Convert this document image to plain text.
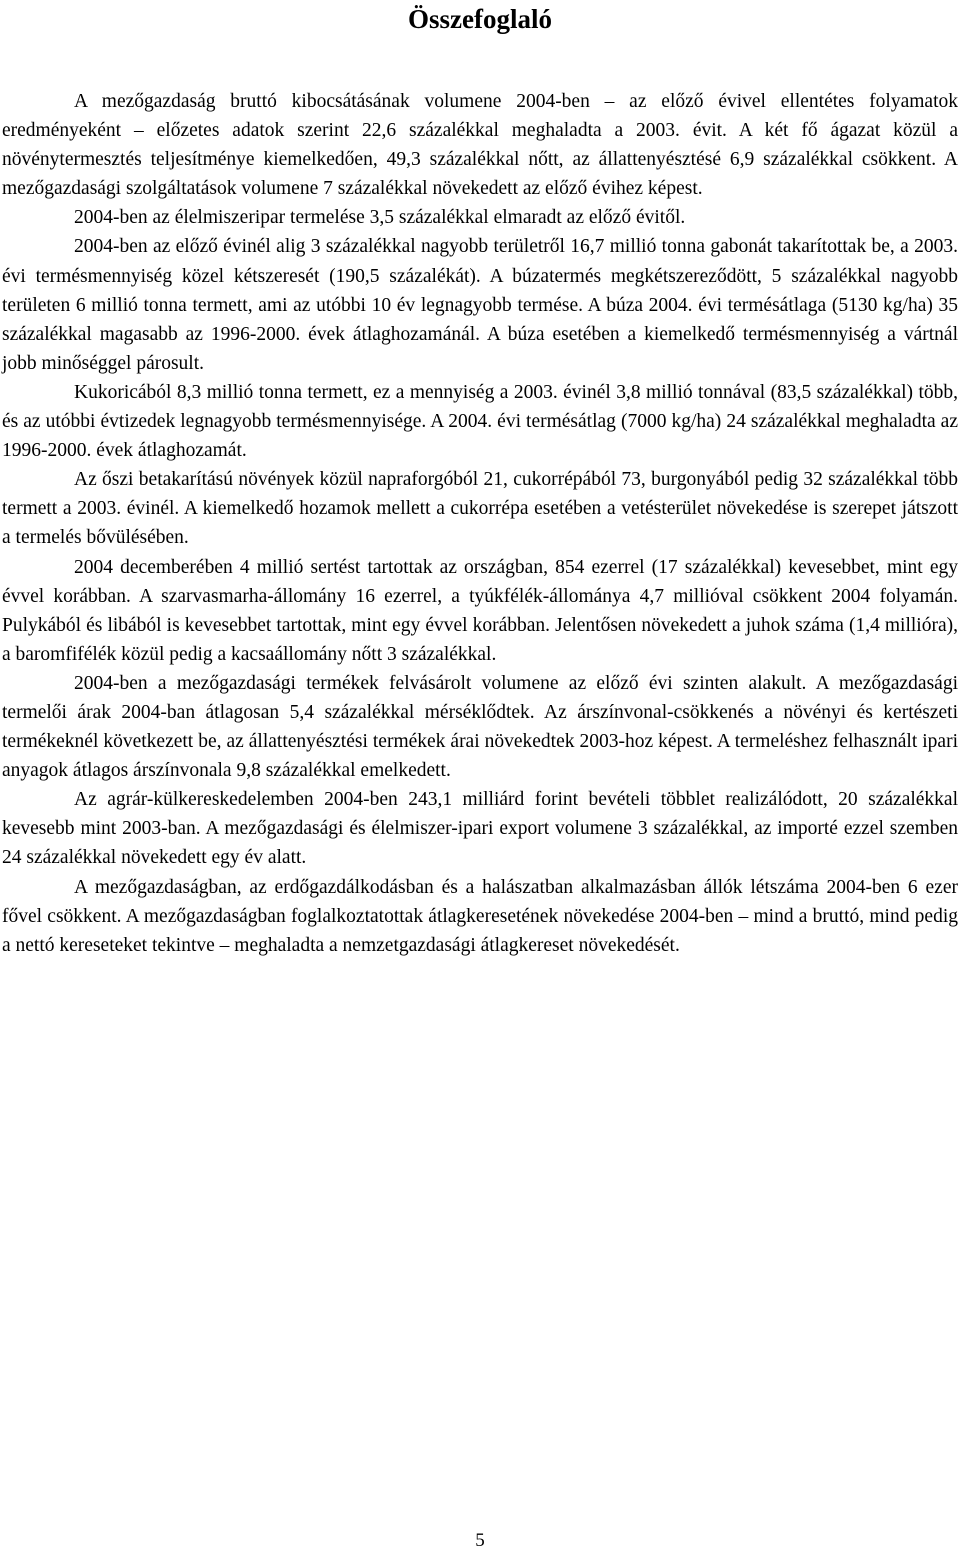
Összefoglaló

A mezőgazdaság bruttó kibocsátásának volumene 2004-ben – az előző évivel ellentétes folyamatok eredményeként – előzetes adatok szerint 22,6 százalékkal meghaladta a 2003. évit. A két fő ágazat közül a növénytermesztés teljesítménye kiemelkedően, 49,3 százalékkal nőtt, az állattenyésztésé 6,9 százalékkal csökkent. A mezőgazdasági szolgáltatások volumene 7 százalékkal növekedett az előző évihez képest.

2004-ben az élelmiszeripar termelése 3,5 százalékkal elmaradt az előző évitől.

2004-ben az előző évinél alig 3 százalékkal nagyobb területről 16,7 millió tonna gabonát takarítottak be, a 2003. évi termésmennyiség közel kétszeresét (190,5 százalékát). A búzatermés megkétszereződött, 5 százalékkal nagyobb területen 6 millió tonna termett, ami az utóbbi 10 év legnagyobb termése. A búza 2004. évi termésátlaga (5130 kg/ha) 35 százalékkal magasabb az 1996-2000. évek átlaghozamánál. A búza esetében a kiemelkedő termésmennyiség a vártnál jobb minőséggel párosult.

Kukoricából 8,3 millió tonna termett, ez a mennyiség a 2003. évinél 3,8 millió tonnával (83,5 százalékkal) több, és az utóbbi évtizedek legnagyobb termésmennyisége. A 2004. évi termésátlag (7000 kg/ha) 24 százalékkal meghaladta az 1996-2000. évek átlaghozamát.

Az őszi betakarítású növények közül napraforgóból 21, cukorrépából 73, burgonyából pedig 32 százalékkal több termett a 2003. évinél. A kiemelkedő hozamok mellett a cukorrépa esetében a vetésterület növekedése is szerepet játszott a termelés bővülésében.

2004 decemberében 4 millió sertést tartottak az országban, 854 ezerrel (17 százalékkal) kevesebbet, mint egy évvel korábban. A szarvasmarha-állomány 16 ezerrel, a tyúkfélék-állománya 4,7 millióval csökkent 2004 folyamán. Pulykából és libából is kevesebbet tartottak, mint egy évvel korábban. Jelentősen növekedett a juhok száma (1,4 millióra), a baromfifélék közül pedig a kacsaállomány nőtt 3 százalékkal.

2004-ben a mezőgazdasági termékek felvásárolt volumene az előző évi szinten alakult. A mezőgazdasági termelői árak 2004-ban átlagosan 5,4 százalékkal mérséklődtek. Az árszínvonal-csökkenés a növényi és kertészeti termékeknél következett be, az állattenyésztési termékek árai növekedtek 2003-hoz képest. A termeléshez felhasznált ipari anyagok átlagos árszínvonala 9,8 százalékkal emelkedett.

Az agrár-külkereskedelemben 2004-ben 243,1 milliárd forint bevételi többlet realizálódott, 20 százalékkal kevesebb mint 2003-ban. A mezőgazdasági és élelmiszer-ipari export volumene 3 százalékkal, az importé ezzel szemben 24 százalékkal növekedett egy év alatt.

A mezőgazdaságban, az erdőgazdálkodásban és a halászatban alkalmazásban állók létszáma 2004-ben 6 ezer fővel csökkent. A mezőgazdaságban foglalkoztatottak átlagkeresetének növekedése 2004-ben – mind a bruttó, mind pedig a nettó kereseteket tekintve – meghaladta a nemzetgazdasági átlagkereset növekedését.

5
